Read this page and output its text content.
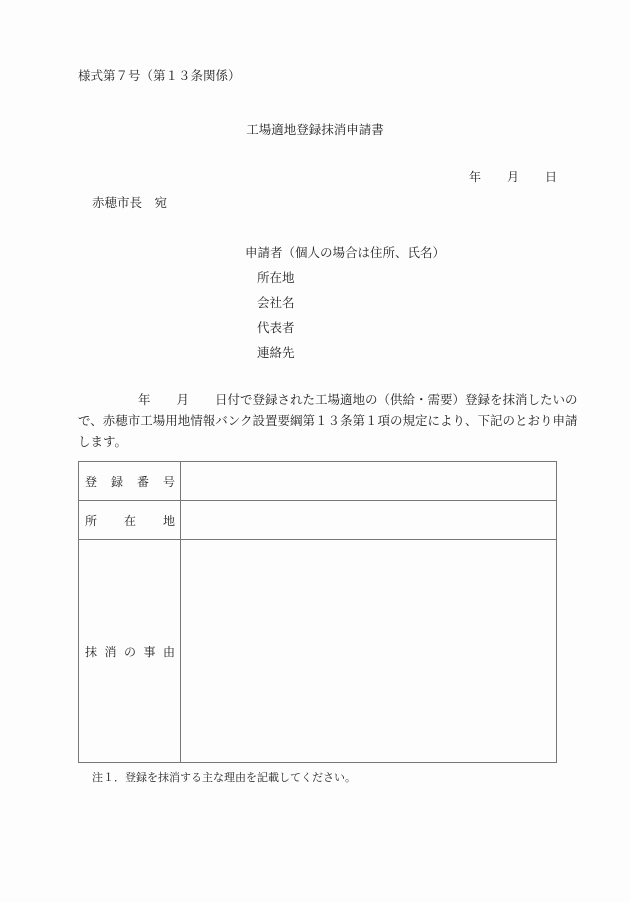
様式第７号（第１３条関係）
工場適地登録抹消申請書
年 月 日
赤穂市長　宛
申請者（個人の場合は住所、氏名）
所在地
会社名
代表者
連絡先
年 月 日付で登録された工場適地の（供給・需要）登録を抹消したいの
で、赤穂市工場用地情報バンク設置要綱第１３条第１項の規定により、下記のとおり申請
します。
登 録 番 号	

所 在 地	

抹 消 の 事 由	

注１．登録を抹消する主な理由を記載してください。
